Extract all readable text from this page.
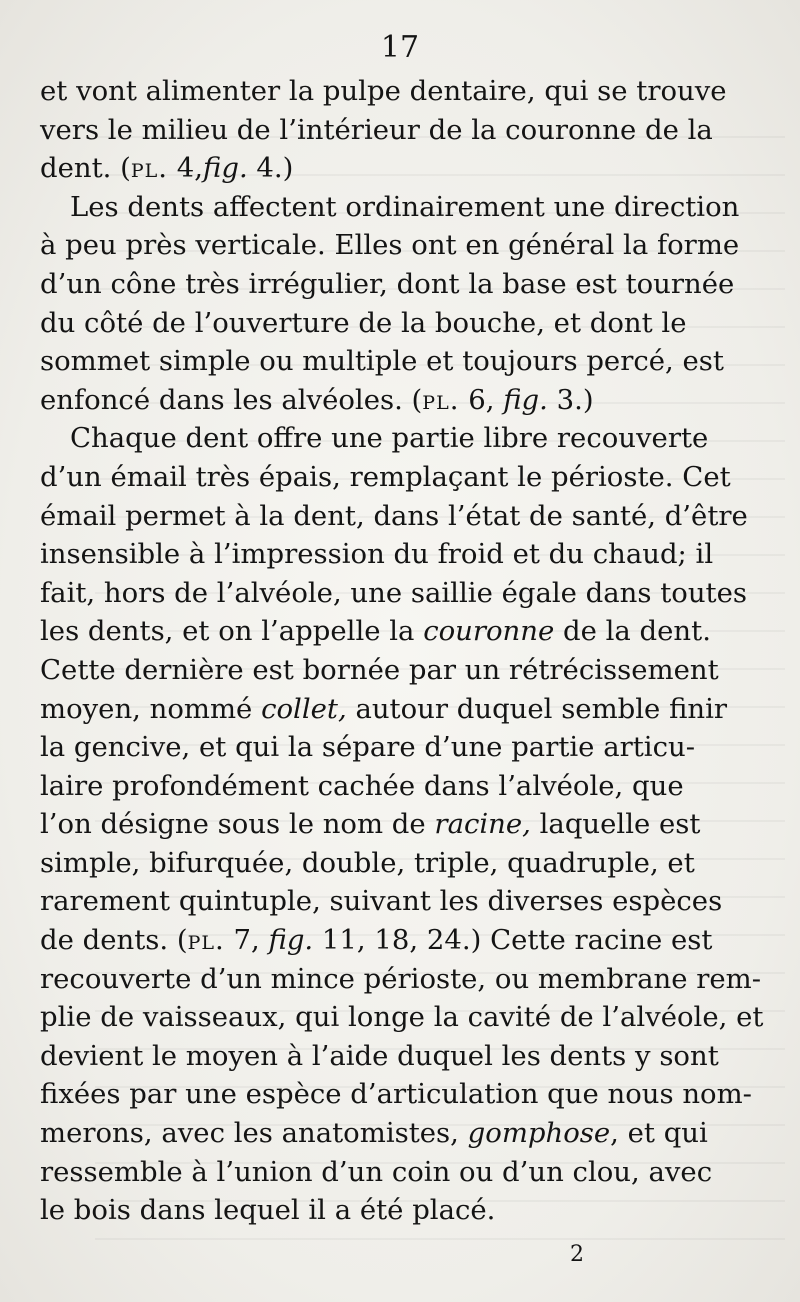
17
et vont alimenter la pulpe dentaire, qui se trouve
vers le milieu de l’intérieur de la couronne de la
dent. (pl. 4,fig. 4.)
Les dents affectent ordinairement une direction
à peu près verticale. Elles ont en général la forme
d’un cône très irrégulier, dont la base est tournée
du côté de l’ouverture de la bouche, et dont le
sommet simple ou multiple et toujours percé, est
enfoncé dans les alvéoles. (pl. 6, fig. 3.)
Chaque dent offre une partie libre recouverte
d’un émail très épais, remplaçant le périoste. Cet
émail permet à la dent, dans l’état de santé, d’être
insensible à l’impression du froid et du chaud; il
fait, hors de l’alvéole, une saillie égale dans toutes
les dents, et on l’appelle la couronne de la dent.
Cette dernière est bornée par un rétrécissement
moyen, nommé collet, autour duquel semble finir
la gencive, et qui la sépare d’une partie articu-
laire profondément cachée dans l’alvéole, que
l’on désigne sous le nom de racine, laquelle est
simple, bifurquée, double, triple, quadruple, et
rarement quintuple, suivant les diverses espèces
de dents. (pl. 7, fig. 11, 18, 24.) Cette racine est
recouverte d’un mince périoste, ou membrane rem-
plie de vaisseaux, qui longe la cavité de l’alvéole, et
devient le moyen à l’aide duquel les dents y sont
fixées par une espèce d’articulation que nous nom-
merons, avec les anatomistes, gomphose, et qui
ressemble à l’union d’un coin ou d’un clou, avec
le bois dans lequel il a été placé.
2
